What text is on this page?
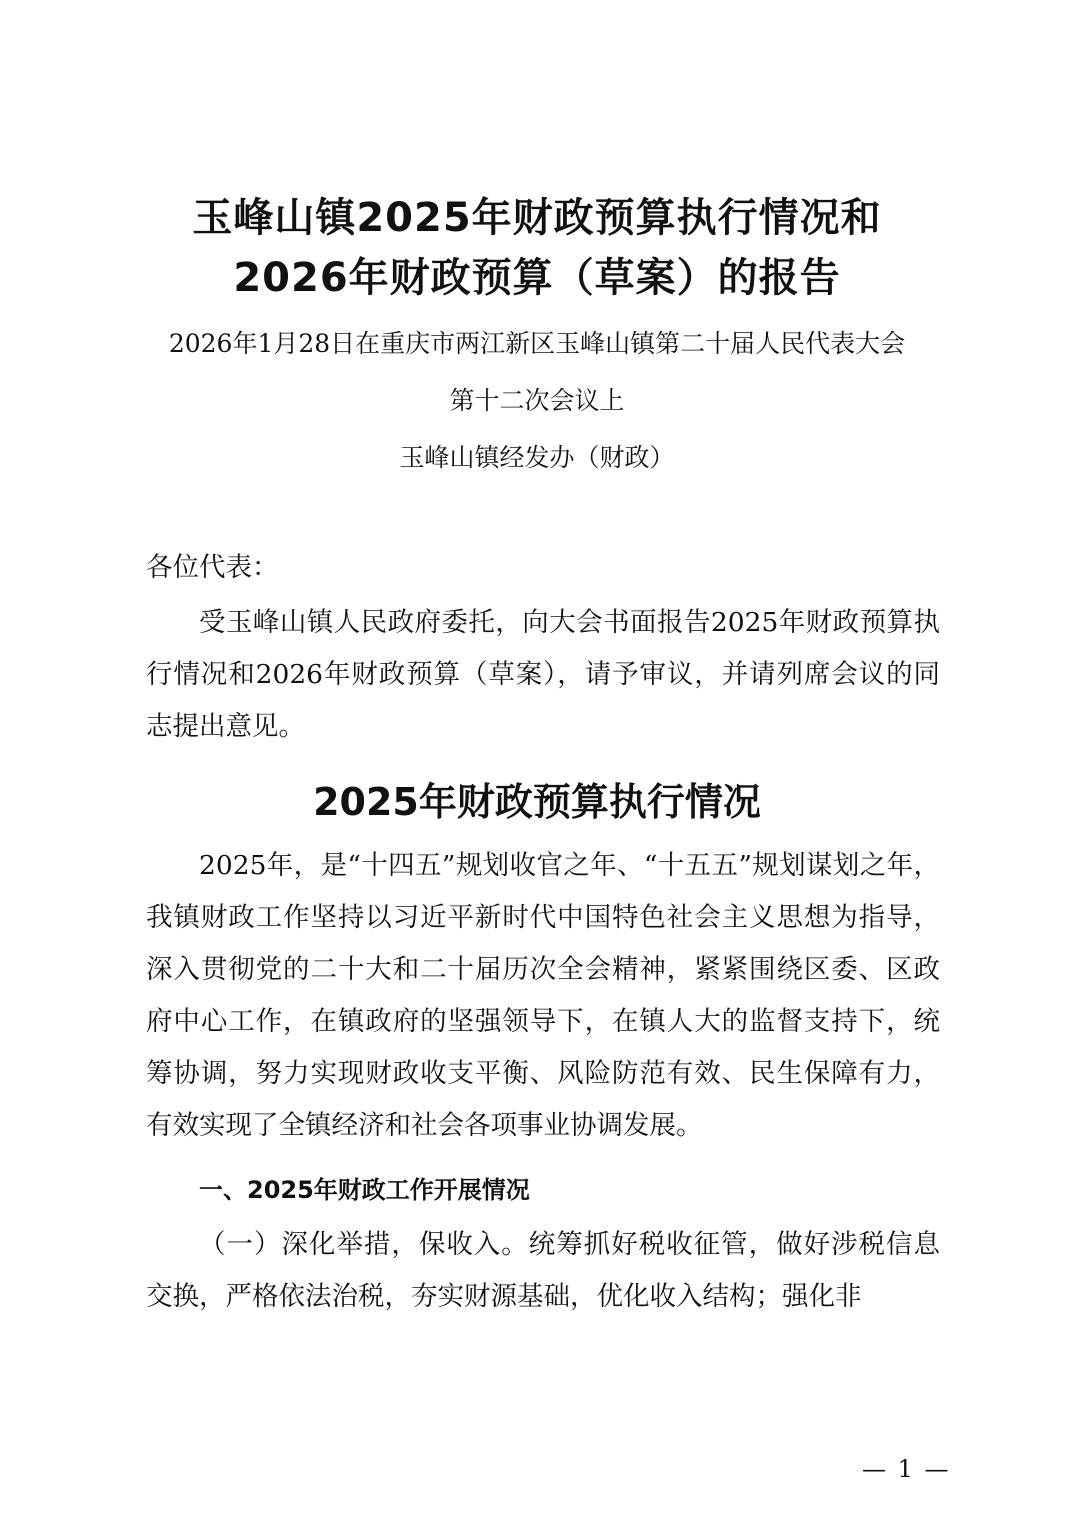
玉峰山镇2025年财政预算执行情况和
2026年财政预算（草案）的报告
2026年1月28日在重庆市两江新区玉峰山镇第二十届人民代表大会
第十二次会议上
玉峰山镇经发办（财政）

各位代表：

受玉峰山镇人民政府委托，向大会书面报告2025年财政预算执行情况和2026年财政预算（草案），请予审议，并请列席会议的同志提出意见。

2025年财政预算执行情况

2025年，是“十四五”规划收官之年、“十五五”规划谋划之年，我镇财政工作坚持以习近平新时代中国特色社会主义思想为指导，深入贯彻党的二十大和二十届历次全会精神，紧紧围绕区委、区政府中心工作，在镇政府的坚强领导下，在镇人大的监督支持下，统筹协调，努力实现财政收支平衡、风险防范有效、民生保障有力，有效实现了全镇经济和社会各项事业协调发展。

一、2025年财政工作开展情况

（一）深化举措，保收入。统筹抓好税收征管，做好涉税信息交换，严格依法治税，夯实财源基础，优化收入结构；强化非

— 1 —
